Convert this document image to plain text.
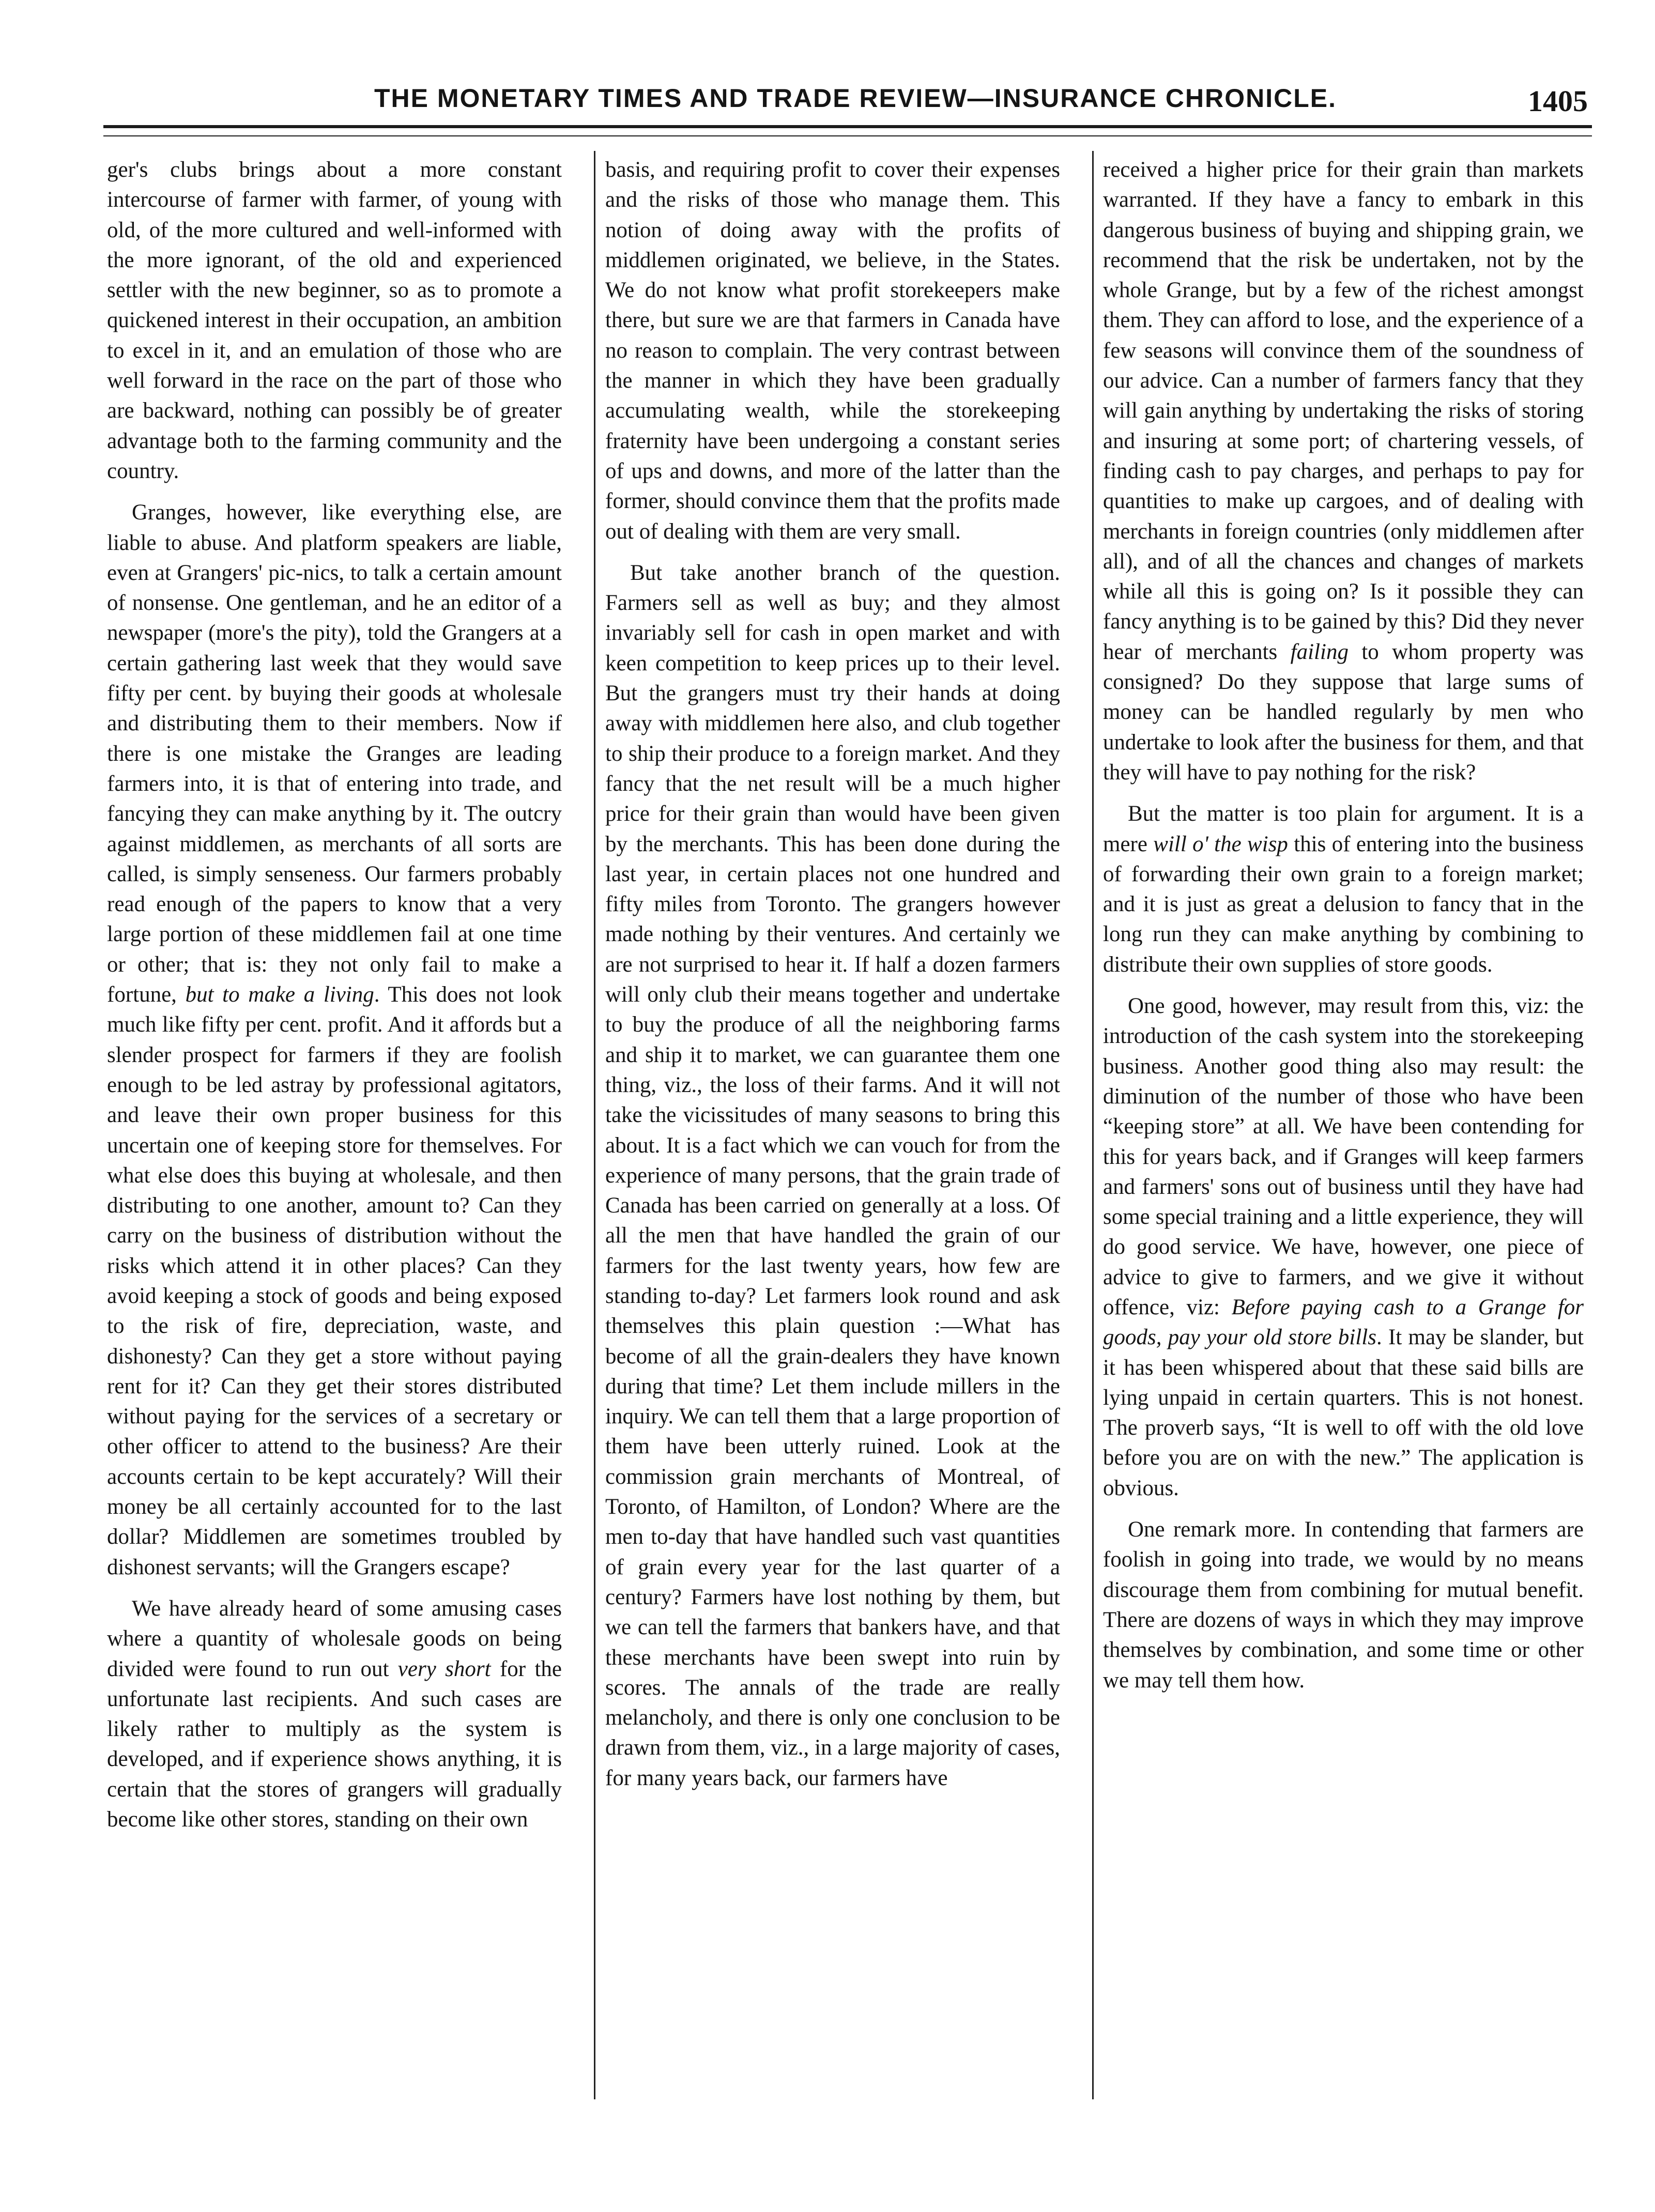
THE MONETARY TIMES AND TRADE REVIEW—INSURANCE CHRONICLE.	1405

ger's clubs brings about a more constant intercourse of farmer with farmer, of young with old, of the more cultured and well-informed with the more ignorant, of the old and experienced settler with the new beginner, so as to promote a quickened interest in their occupation, an ambition to excel in it, and an emulation of those who are well forward in the race on the part of those who are backward, nothing can possibly be of greater advantage both to the farming community and the country.

Granges, however, like everything else, are liable to abuse. And platform speakers are liable, even at Grangers' pic-nics, to talk a certain amount of nonsense. One gentleman, and he an editor of a newspaper (more's the pity), told the Grangers at a certain gathering last week that they would save fifty per cent. by buying their goods at wholesale and distributing them to their members. Now if there is one mistake the Granges are leading farmers into, it is that of entering into trade, and fancying they can make anything by it. The outcry against middlemen, as merchants of all sorts are called, is simply senseness. Our farmers probably read enough of the papers to know that a very large portion of these middlemen fail at one time or other; that is: they not only fail to make a fortune, but to make a living. This does not look much like fifty per cent. profit. And it affords but a slender prospect for farmers if they are foolish enough to be led astray by professional agitators, and leave their own proper business for this uncertain one of keeping store for themselves. For what else does this buying at wholesale, and then distributing to one another, amount to? Can they carry on the business of distribution without the risks which attend it in other places? Can they avoid keeping a stock of goods and being exposed to the risk of fire, depreciation, waste, and dishonesty? Can they get a store without paying rent for it? Can they get their stores distributed without paying for the services of a secretary or other officer to attend to the business? Are their accounts certain to be kept accurately? Will their money be all certainly accounted for to the last dollar? Middlemen are sometimes troubled by dishonest servants; will the Grangers escape?

We have already heard of some amusing cases where a quantity of wholesale goods on being divided were found to run out very short for the unfortunate last recipients. And such cases are likely rather to multiply as the system is developed, and if experience shows anything, it is certain that the stores of grangers will gradually become like other stores, standing on their own

basis, and requiring profit to cover their expenses and the risks of those who manage them. This notion of doing away with the profits of middlemen originated, we believe, in the States. We do not know what profit storekeepers make there, but sure we are that farmers in Canada have no reason to complain. The very contrast between the manner in which they have been gradually accumulating wealth, while the storekeeping fraternity have been undergoing a constant series of ups and downs, and more of the latter than the former, should convince them that the profits made out of dealing with them are very small.

But take another branch of the question. Farmers sell as well as buy; and they almost invariably sell for cash in open market and with keen competition to keep prices up to their level. But the grangers must try their hands at doing away with middlemen here also, and club together to ship their produce to a foreign market. And they fancy that the net result will be a much higher price for their grain than would have been given by the merchants. This has been done during the last year, in certain places not one hundred and fifty miles from Toronto. The grangers however made nothing by their ventures. And certainly we are not surprised to hear it. If half a dozen farmers will only club their means together and undertake to buy the produce of all the neighboring farms and ship it to market, we can guarantee them one thing, viz., the loss of their farms. And it will not take the vicissitudes of many seasons to bring this about. It is a fact which we can vouch for from the experience of many persons, that the grain trade of Canada has been carried on generally at a loss. Of all the men that have handled the grain of our farmers for the last twenty years, how few are standing to-day? Let farmers look round and ask themselves this plain question :—What has become of all the grain-dealers they have known during that time? Let them include millers in the inquiry. We can tell them that a large proportion of them have been utterly ruined. Look at the commission grain merchants of Montreal, of Toronto, of Hamilton, of London? Where are the men to-day that have handled such vast quantities of grain every year for the last quarter of a century? Farmers have lost nothing by them, but we can tell the farmers that bankers have, and that these merchants have been swept into ruin by scores. The annals of the trade are really melancholy, and there is only one conclusion to be drawn from them, viz., in a large majority of cases, for many years back, our farmers have

received a higher price for their grain than markets warranted. If they have a fancy to embark in this dangerous business of buying and shipping grain, we recommend that the risk be undertaken, not by the whole Grange, but by a few of the richest amongst them. They can afford to lose, and the experience of a few seasons will convince them of the soundness of our advice. Can a number of farmers fancy that they will gain anything by undertaking the risks of storing and insuring at some port; of chartering vessels, of finding cash to pay charges, and perhaps to pay for quantities to make up cargoes, and of dealing with merchants in foreign countries (only middlemen after all), and of all the chances and changes of markets while all this is going on? Is it possible they can fancy anything is to be gained by this? Did they never hear of merchants failing to whom property was consigned? Do they suppose that large sums of money can be handled regularly by men who undertake to look after the business for them, and that they will have to pay nothing for the risk?

But the matter is too plain for argument. It is a mere will o' the wisp this of entering into the business of forwarding their own grain to a foreign market; and it is just as great a delusion to fancy that in the long run they can make anything by combining to distribute their own supplies of store goods.

One good, however, may result from this, viz: the introduction of the cash system into the storekeeping business. Another good thing also may result: the diminution of the number of those who have been “keeping store” at all. We have been contending for this for years back, and if Granges will keep farmers and farmers' sons out of business until they have had some special training and a little experience, they will do good service. We have, however, one piece of advice to give to farmers, and we give it without offence, viz: Before paying cash to a Grange for goods, pay your old store bills. It may be slander, but it has been whispered about that these said bills are lying unpaid in certain quarters. This is not honest. The proverb says, “It is well to off with the old love before you are on with the new.” The application is obvious.

One remark more. In contending that farmers are foolish in going into trade, we would by no means discourage them from combining for mutual benefit. There are dozens of ways in which they may improve themselves by combination, and some time or other we may tell them how.
